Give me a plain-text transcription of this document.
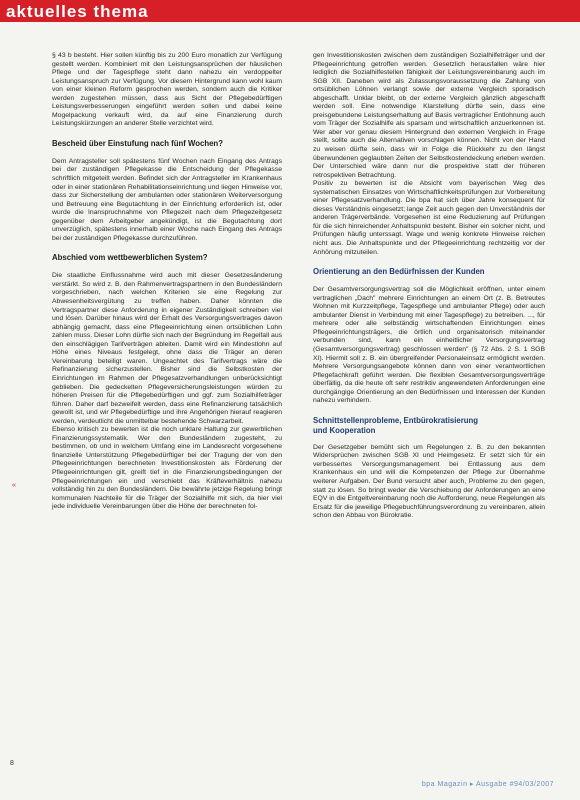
aktuelles thema

§ 43 b besteht. Hier sollen künftig bis zu 200 Euro monatlich zur Verfügung gestellt werden. Kombiniert mit den Leistungsansprüchen der häuslichen Pflege und der Tagespflege steht dann nahezu ein verdoppelter Leistungsanspruch zur Verfügung. Vor diesem Hintergrund kann wohl kaum von einer kleinen Reform gesprochen werden, sondern auch die Kritiker werden zugestehen müssen, dass aus Sicht der Pflegebedürftigen Leistungsverbesserungen eingeführt werden sollen und dabei keine Mogelpackung verkauft wird, da auf eine Finanzierung durch Leistungskürzungen an anderer Stelle verzichtet wird.

Bescheid über Einstufung nach fünf Wochen?

Dem Antragsteller soll spätestens fünf Wochen nach Eingang des Antrags bei der zuständigen Pflegekasse die Entscheidung der Pflegekasse schriftlich mitgeteilt werden. Befindet sich der Antragsteller im Krankenhaus oder in einer stationären Rehabilitationseinrichtung und liegen Hinweise vor, dass zur Sicherstellung der ambulanten oder stationären Weiterversorgung und Betreuung eine Begutachtung in der Einrichtung erforderlich ist, oder wurde die Inanspruchnahme von Pflegezeit nach dem Pflegezeitgesetz gegenüber dem Arbeitgeber angekündigt, ist die Begutachtung dort unverzüglich, spätestens innerhalb einer Woche nach Eingang des Antrags bei der zuständigen Pflegekasse durchzuführen.

Abschied vom wettbewerblichen System?

Die staatliche Einflussnahme wird auch mit dieser Gesetzesänderung verstärkt. So wird z. B. den Rahmenvertragspartnern in den Bundesländern vorgeschrieben, nach welchen Kriterien sie eine Regelung zur Abwesenheitsvergütung zu treffen haben. Daher könnten die Vertragspartner diese Anforderung in eigener Zuständigkeit schreiben viel und lösen. Darüber hinaus wird der Erhalt des Versorgungsvertrages davon abhängig gemacht, dass eine Pflegeeinrichtung einen ortsüblichen Lohn zahlen muss. Dieser Lohn dürfte sich nach der Begründung im Regelfall aus den einschlägigen Tarifverträgen ableiten. Damit wird ein Mindestlohn auf Höhe eines Niveaus festgelegt, ohne dass die Träger an deren Vereinbarung beteiligt waren. Ungeachtet des Tarifvertrags wäre die Refinanzierung sicherzustellen. Bisher sind die Selbstkosten der Einrichtungen im Rahmen der Pflegesatzverhandlungen unberücksichtigt geblieben. Die gedeckelten Pflegeversicherungsleistungen würden zu höheren Preisen für die Pflegebedürftigen und ggf. zum Sozialhilfeträger führen. Daher darf bezweifelt werden, dass eine Refinanzierung tatsächlich gewollt ist, und wir Pflegebedürftige und ihre Angehörigen hierauf reagieren werden, verdeutlicht die unmittelbar bestehende Schwarzarbeit.

Ebenso kritisch zu bewerten ist die noch unklare Haltung zur gewerblichen Finanzierungssystematik. Wer den Bundesländern zugesteht, zu bestimmen, ob und in welchem Umfang eine im Landesrecht vorgesehene finanzielle Unterstützung Pflegebedürftiger bei der Tragung der von den Pflegeeinrichtungen berechneten Investitionskosten als Förderung der Pflegeeinrichtungen gilt, greift tief in die Finanzierungsbedingungen der Pflegeeinrichtungen ein und verschiebt das Kräfteverhältnis nahezu vollständig hin zu den Bundesländern. Die bewährte jetzige Regelung bringt kommunalen Nachteile für die Träger der Sozialhilfe mit sich, da hier viel jede individuelle Vereinbarungen über die Höhe der berechneten fol-

gen Investitionskosten zwischen dem zuständigen Sozialhilfeträger und der Pflegeeinrichtung getroffen werden. Gesetzlich herausfallen wäre hier lediglich die Sozialhilfestellen fähigkeit der Leistungsvereinbarung auch im SGB XII. Daneben wird als Zulassungsvoraussetzung die Zahlung von ortsüblichen Löhnen verlangt sowie der externe Vergleich sporadisch abgeschafft. Unklar bleibt, ob der externe Vergleich gänzlich abgeschafft werden soll. Eine notwendige Klarstellung dürfte sein, dass eine preisgebundene Leistungserhaltung auf Basis vertraglicher Entlohnung auch vom Träger der Sozialhilfe als sparsam und wirtschaftlich anzuerkennen ist. Wer aber vor genau diesem Hintergrund den externen Vergleich in Frage stellt, sollte auch die Alternativen vorschlagen können. Nicht von der Hand zu weisen dürfte sein, dass wir in Folge die Rückkehr zu den längst überwundenen geglaubten Zeiten der Selbstkostendeckung erleben werden. Der Unterschied wäre dann nur die prospektive statt der früheren retrospektiven Betrachtung.

Positiv zu bewerten ist die Absicht vom bayerischen Weg des systematischen Einsatzes von Wirtschaftlichkeitsprüfungen zur Vorbereitung einer Pflegesatzverhandlung. Die bpa hat sich über Jahre konsequent für dieses Verständnis eingesetzt; lange Zeit auch gegen den Unverständnis der anderen Trägerverbände. Vorgesehen ist eine Reduzierung auf Prüfungen für die sich hinreichender Anhaltspunkt besteht. Bisher ein solcher nicht, und Prüfungen häufig unterssagt. Wage und wenig konkrete Hinweise reichen nicht aus. Die Anhaltspunkte und der Pflegeeinrichtung rechtzeitig vor der Anhörung mitzuteilen.

Orientierung an den Bedürfnissen der Kunden

Der Gesamtversorgungsvertrag soll die Möglichkeit eröffnen, unter einem vertraglichen „Dach" mehrere Einrichtungen an einem Ort (z. B. Betreutes Wohnen mit Kurzzeitpflege, Tagespflege und ambulanter Pflege) oder auch ambulanter Dienst in Verbindung mit einer Tagespflege) zu betreiben. ..., für mehrere oder alle selbständig wirtschaftenden Einrichtungen eines Pflegeeinrichtungsträgers, die örtlich und organisatorisch miteinander verbunden sind, kann ein einheitlicher Versorgungsvertrag (Gesamtversorgungsvertrag) geschlossen werden" (§ 72 Abs. 2 S. 1 SGB XI). Hiermit soll z. B. ein übergreifender Personaleinsatz ermöglicht werden. Mehrere Versorgungsangebote können dann von einer verantwortlichen Pflegefachkraft geführt werden. Die flexiblen Gesamtversorgungsverträge überfällig, da die heute oft sehr restriktiv angewendeten Anforderungen eine durchgängige Orientierung an den Bedürfnissen und Interessen der Kunden nahezu verhindern.

Schnittstellenprobleme, Entbürokratisierung
und Kooperation

Der Gesetzgeber bemüht sich um Regelungen z. B. zu den bekannten Widersprüchen zwischen SGB XI und Heimgesetz. Er setzt sich für ein verbessertes Versorgungsmanagement bei Entlassung aus dem Krankenhaus ein und will die Kompetenzen der Pflege zur Übernahme weiterer Aufgaben. Der Bund versucht aber auch, Probleme zu den gegen, statt zu lösen. So bringt weder die Verschiebung der Anforderungen an eine EQV in die Entgeltvereinbarung noch die Aufforderung, neue Regelungen als Ersatz für die jeweilige Pflegebuchführungsverordnung zu vereinbaren, allein schon den Abbau von Bürokratie.

«
8
bpa Magazin ▸ Ausgabe #94/03/2007
